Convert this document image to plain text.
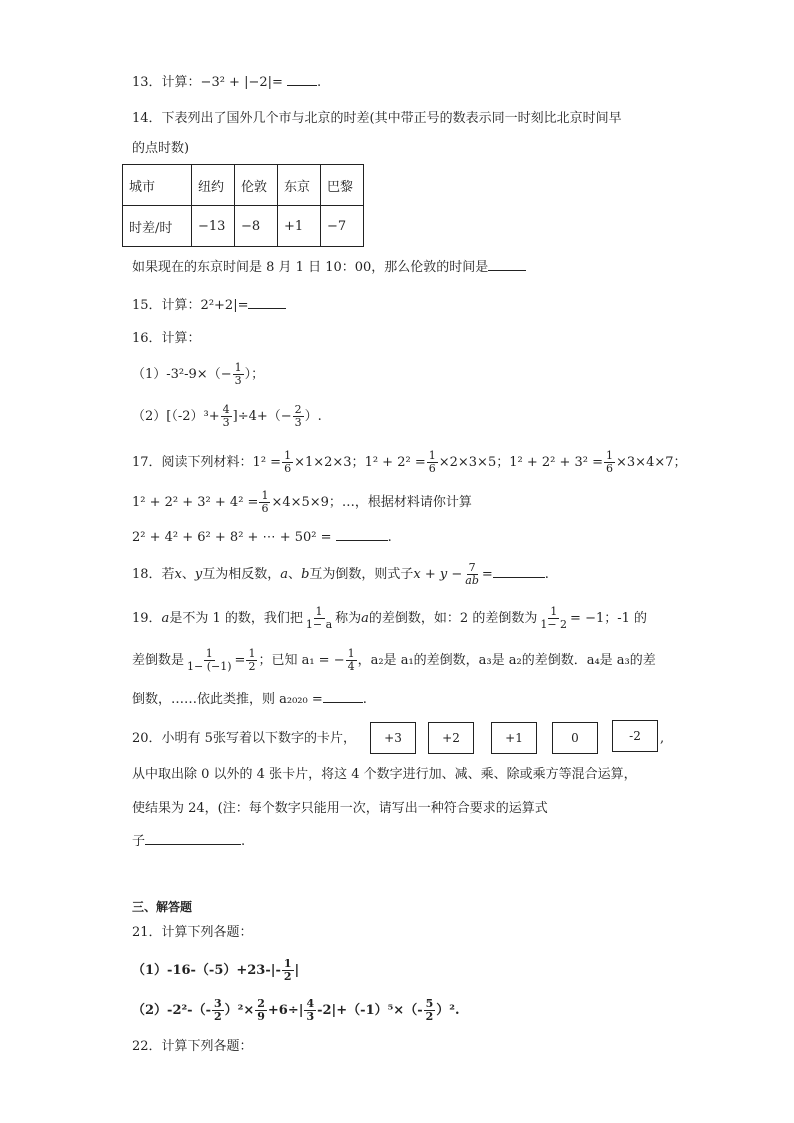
13．计算：−3² + |−2|=	.
14．下表列出了国外几个市与北京的时差(其中带正号的数表示同一时刻比北京时间早
的点时数)
城市	纽约	伦敦	东京	巴黎
时差/时	−13	−8	+1	−7
如果现在的东京时间是 8 月 1 日 10：00，那么伦敦的时间是
15．计算：2²+2|=
16．计算：
$(1)-3^2-9\times(- \frac{1}{3}$ ）；
$(2)[(-2)^3+ \frac{4}{3} ]\div 4+(- \frac{2}{3}$ ）.
17．阅读下列材料：$1^2 = \frac{1}{6} \times 1\times 2\times 3$；$1^2 + 2^2 = \frac{1}{6} \times 2\times 3\times 5$；$1^2 + 2^2 + 3^2 = \frac{1}{6} \times 3\times 4\times 7$；
$1^2 + 2^2 + 3^2 + 4^2 = \frac{1}{6} \times 4\times 5\times 9$；…，根据材料请你计算
2² + 4² + 6² + 8² + ⋯ + 50² =	.
18．若x、y互为相反数，a、b互为倒数，则式子$x + y - \frac{7}{ab}$ =	.
19．a是不为 1 的数，我们把 $\frac{1}{1- a}$ 称为a的差倒数，如：2 的差倒数为 $\frac{1}{1- 2} = -1$；-1 的
差倒数是 $\frac{1}{1- (-1)} = \frac{1}{2}$ ；已知 a₁ = − $\frac{1}{4}$ ，a₂是 a₁的差倒数，a₃是 a₂的差倒数．a₄是 a₃的差
倒数，……依此类推，则 a₂₀₂₀ =	.
20．小明有 5张写着以下数字的卡片，	+3	+2	+1	0	-2	,
从中取出除 0 以外的 4 张卡片，将这 4 个数字进行加、减、乘、除或乘方等混合运算，
使结果为 24，(注：每个数字只能用一次，请写出一种符合要求的运算式
子	.
三、解答题
21．计算下列各题：
$(1)-16-(-5)+23-|- \frac{1}{2}$ |
$(2)-2^2-(- \frac{3}{2} )^2\times \frac{2}{9} +6\div| \frac{4}{3} -2|+(-1)^5\times(- \frac{5}{2} )^2$.
22．计算下列各题：
